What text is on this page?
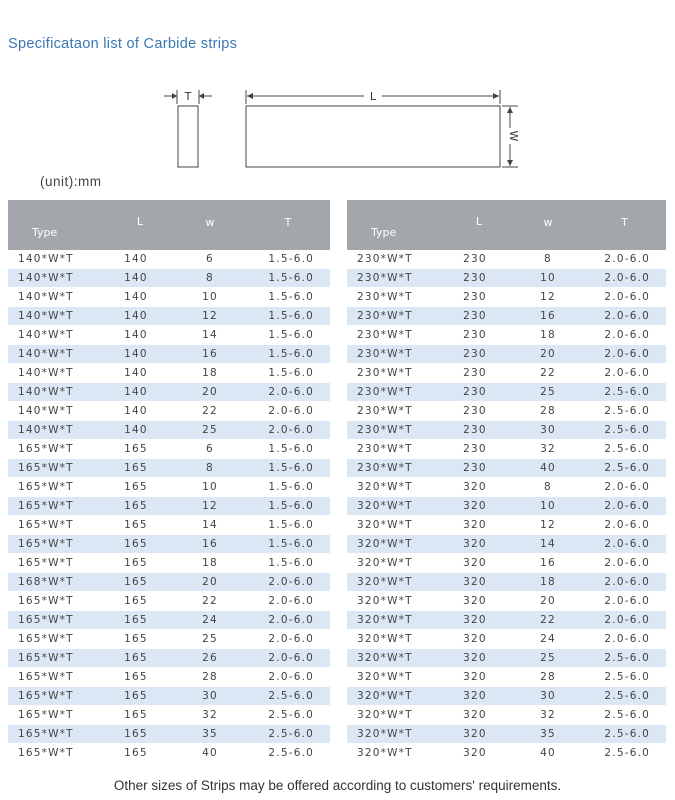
Specificataon list of Carbide strips
T	L
W
(unit):mm
Type	L	w	T
140*W*T	140	6	1.5-6.0
140*W*T	140	8	1.5-6.0
140*W*T	140	10	1.5-6.0
140*W*T	140	12	1.5-6.0
140*W*T	140	14	1.5-6.0
140*W*T	140	16	1.5-6.0
140*W*T	140	18	1.5-6.0
140*W*T	140	20	2.0-6.0
140*W*T	140	22	2.0-6.0
140*W*T	140	25	2.0-6.0
165*W*T	165	6	1.5-6.0
165*W*T	165	8	1.5-6.0
165*W*T	165	10	1.5-6.0
165*W*T	165	12	1.5-6.0
165*W*T	165	14	1.5-6.0
165*W*T	165	16	1.5-6.0
165*W*T	165	18	1.5-6.0
168*W*T	165	20	2.0-6.0
165*W*T	165	22	2.0-6.0
165*W*T	165	24	2.0-6.0
165*W*T	165	25	2.0-6.0
165*W*T	165	26	2.0-6.0
165*W*T	165	28	2.0-6.0
165*W*T	165	30	2.5-6.0
165*W*T	165	32	2.5-6.0
165*W*T	165	35	2.5-6.0
165*W*T	165	40	2.5-6.0
Type	L	w	T
230*W*T	230	8	2.0-6.0
230*W*T	230	10	2.0-6.0
230*W*T	230	12	2.0-6.0
230*W*T	230	16	2.0-6.0
230*W*T	230	18	2.0-6.0
230*W*T	230	20	2.0-6.0
230*W*T	230	22	2.0-6.0
230*W*T	230	25	2.5-6.0
230*W*T	230	28	2.5-6.0
230*W*T	230	30	2.5-6.0
230*W*T	230	32	2.5-6.0
230*W*T	230	40	2.5-6.0
320*W*T	320	8	2.0-6.0
320*W*T	320	10	2.0-6.0
320*W*T	320	12	2.0-6.0
320*W*T	320	14	2.0-6.0
320*W*T	320	16	2.0-6.0
320*W*T	320	18	2.0-6.0
320*W*T	320	20	2.0-6.0
320*W*T	320	22	2.0-6.0
320*W*T	320	24	2.0-6.0
320*W*T	320	25	2.5-6.0
320*W*T	320	28	2.5-6.0
320*W*T	320	30	2.5-6.0
320*W*T	320	32	2.5-6.0
320*W*T	320	35	2.5-6.0
320*W*T	320	40	2.5-6.0
Other sizes of Strips may be offered according to customers' requirements.
